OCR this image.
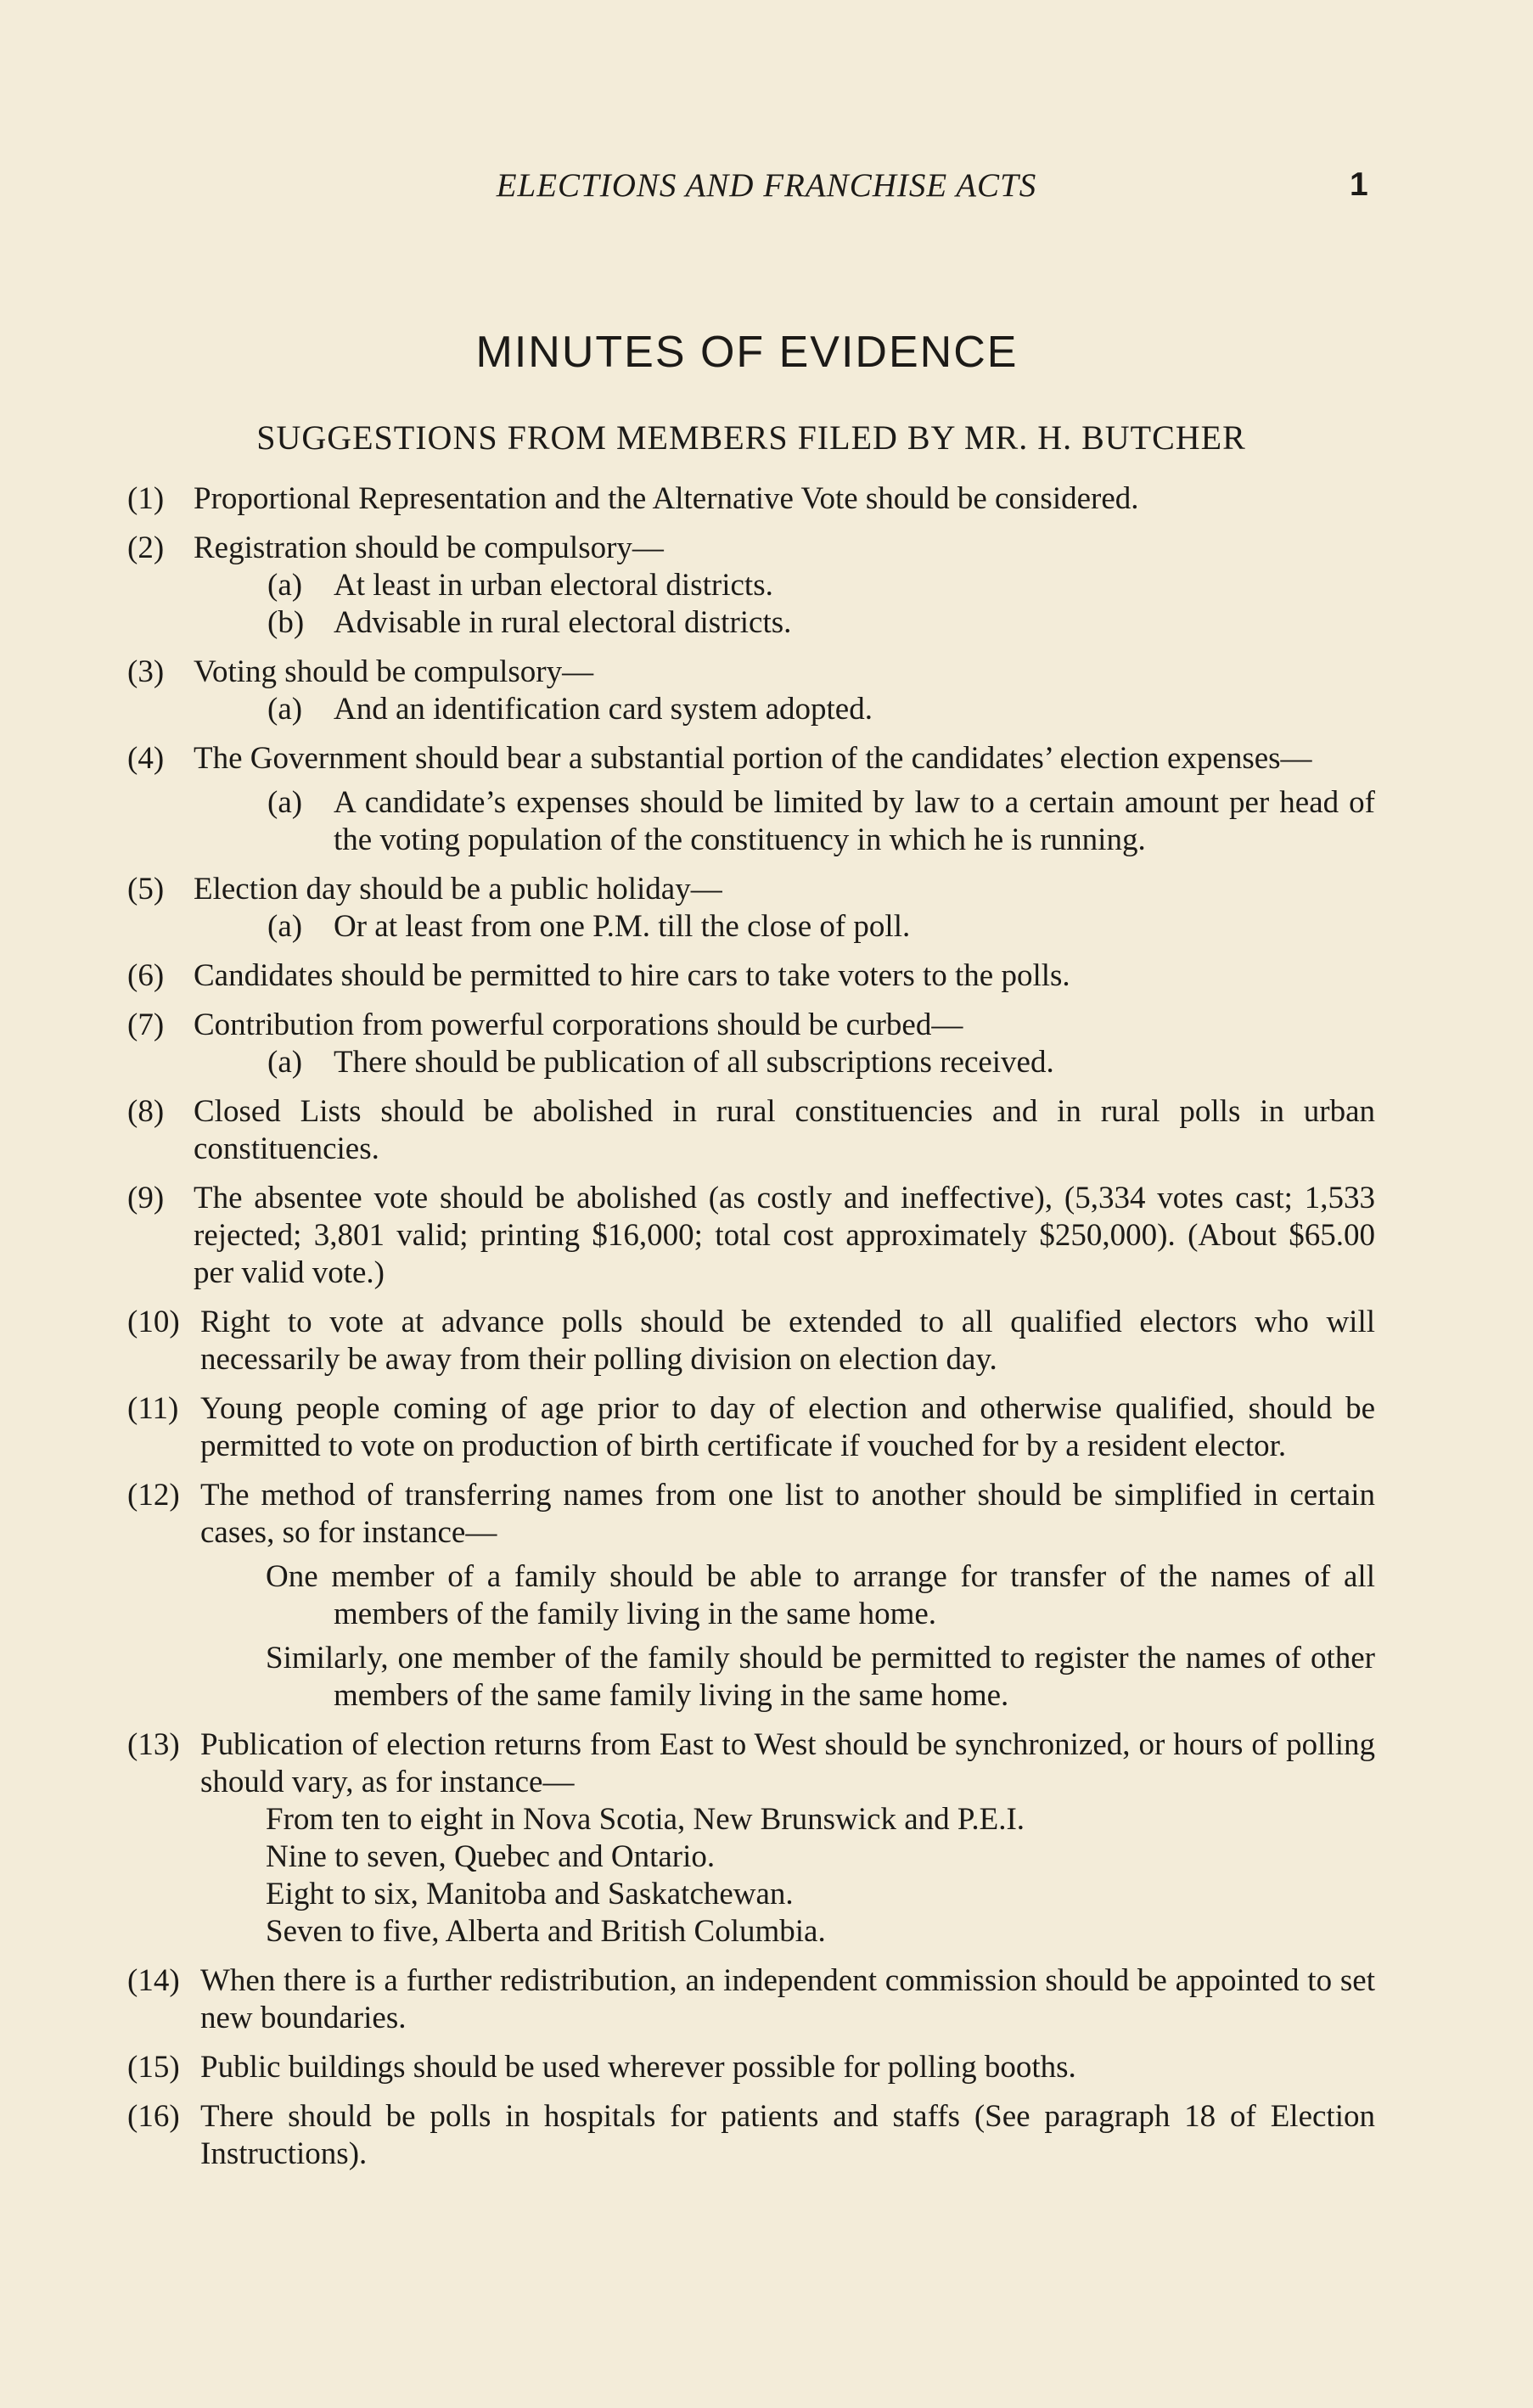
ELECTIONS AND FRANCHISE ACTS	1
MINUTES OF EVIDENCE
SUGGESTIONS FROM MEMBERS FILED BY MR. H. BUTCHER
(1) Proportional Representation and the Alternative Vote should be considered.
(2) Registration should be compulsory—
(a) At least in urban electoral districts.
(b) Advisable in rural electoral districts.
(3) Voting should be compulsory—
(a) And an identification card system adopted.
(4) The Government should bear a substantial portion of the candidates’ election expenses—
(a) A candidate’s expenses should be limited by law to a certain amount per head of the voting population of the constituency in which he is running.
(5) Election day should be a public holiday—
(a) Or at least from one P.M. till the close of poll.
(6) Candidates should be permitted to hire cars to take voters to the polls.
(7) Contribution from powerful corporations should be curbed—
(a) There should be publication of all subscriptions received.
(8) Closed Lists should be abolished in rural constituencies and in rural polls in urban constituencies.
(9) The absentee vote should be abolished (as costly and ineffective), (5,334 votes cast; 1,533 rejected; 3,801 valid; printing $16,000; total cost approximately $250,000). (About $65.00 per valid vote.)
(10) Right to vote at advance polls should be extended to all qualified electors who will necessarily be away from their polling division on election day.
(11) Young people coming of age prior to day of election and otherwise qualified, should be permitted to vote on production of birth certificate if vouched for by a resident elector.
(12) The method of transferring names from one list to another should be simplified in certain cases, so for instance—
One member of a family should be able to arrange for transfer of the names of all members of the family living in the same home.
Similarly, one member of the family should be permitted to register the names of other members of the same family living in the same home.
(13) Publication of election returns from East to West should be synchronized, or hours of polling should vary, as for instance—
From ten to eight in Nova Scotia, New Brunswick and P.E.I.
Nine to seven, Quebec and Ontario.
Eight to six, Manitoba and Saskatchewan.
Seven to five, Alberta and British Columbia.
(14) When there is a further redistribution, an independent commission should be appointed to set new boundaries.
(15) Public buildings should be used wherever possible for polling booths.
(16) There should be polls in hospitals for patients and staffs (See paragraph 18 of Election Instructions).
